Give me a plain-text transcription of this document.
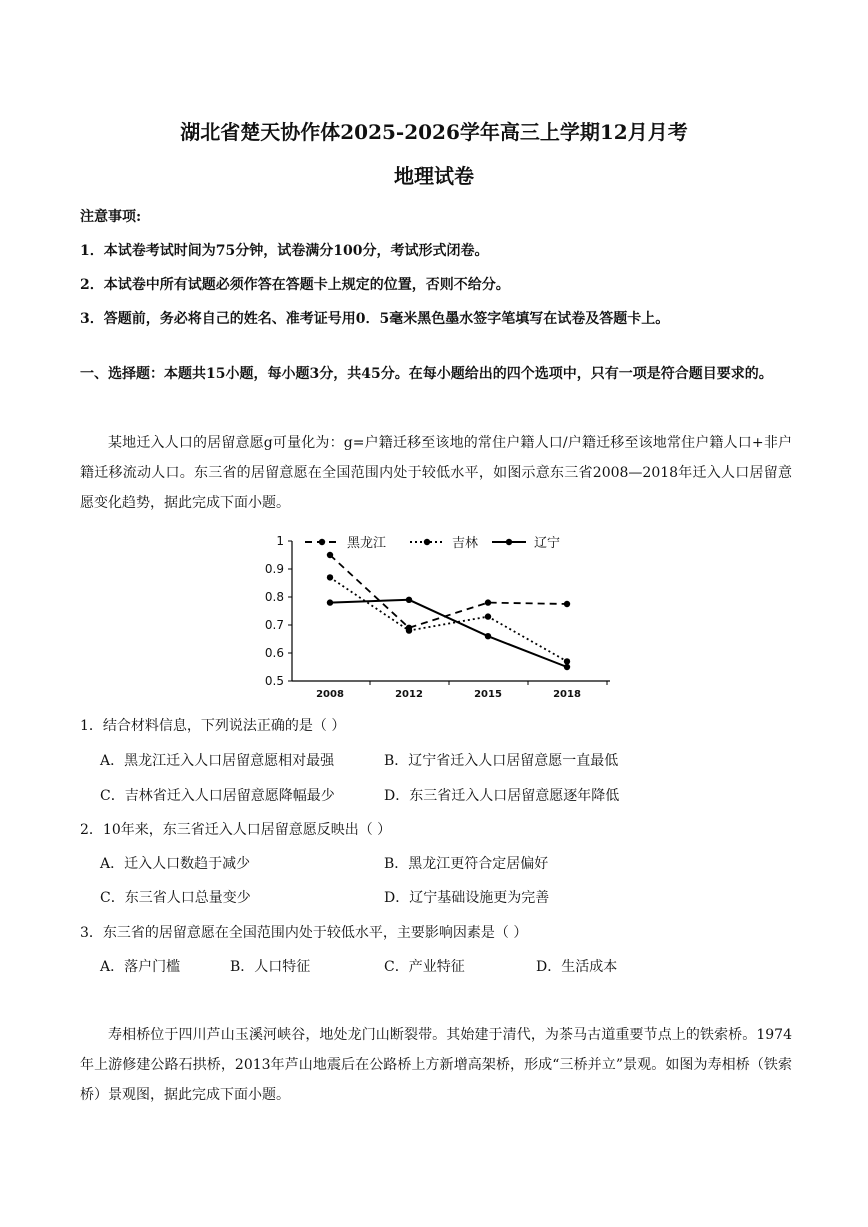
湖北省楚天协作体2025-2026学年高三上学期12月月考
地理试卷
注意事项:
1．本试卷考试时间为75分钟，试卷满分100分，考试形式闭卷。
2．本试卷中所有试题必须作答在答题卡上规定的位置，否则不给分。
3．答题前，务必将自己的姓名、准考证号用0．5毫米黑色墨水签字笔填写在试卷及答题卡上。
一、选择题：本题共15小题，每小题3分，共45分。在每小题给出的四个选项中，只有一项是符合题目要求的。
某地迁入人口的居留意愿g可量化为：g=户籍迁移至该地的常住户籍人口/户籍迁移至该地常住户籍人口+非户籍迁移流动人口。东三省的居留意愿在全国范围内处于较低水平，如图示意东三省2008—2018年迁入人口居留意愿变化趋势，据此完成下面小题。
1
0.9
0.8
0.7
0.6
0.5
2008	2012	2015	2018
黑龙江	吉林	辽宁
1．结合材料信息，下列说法正确的是（ ）
A．黑龙江迁入人口居留意愿相对最强	B．辽宁省迁入人口居留意愿一直最低
C．吉林省迁入人口居留意愿降幅最少	D．东三省迁入人口居留意愿逐年降低
2．10年来，东三省迁入人口居留意愿反映出（ ）
A．迁入人口数趋于减少	B．黑龙江更符合定居偏好
C．东三省人口总量变少	D．辽宁基础设施更为完善
3．东三省的居留意愿在全国范围内处于较低水平，主要影响因素是（ ）
A．落户门槛	B．人口特征	C．产业特征	D．生活成本
寿相桥位于四川芦山玉溪河峡谷，地处龙门山断裂带。其始建于清代，为茶马古道重要节点上的铁索桥。1974年上游修建公路石拱桥，2013年芦山地震后在公路桥上方新增高架桥，形成“三桥并立”景观。如图为寿相桥（铁索桥）景观图，据此完成下面小题。
